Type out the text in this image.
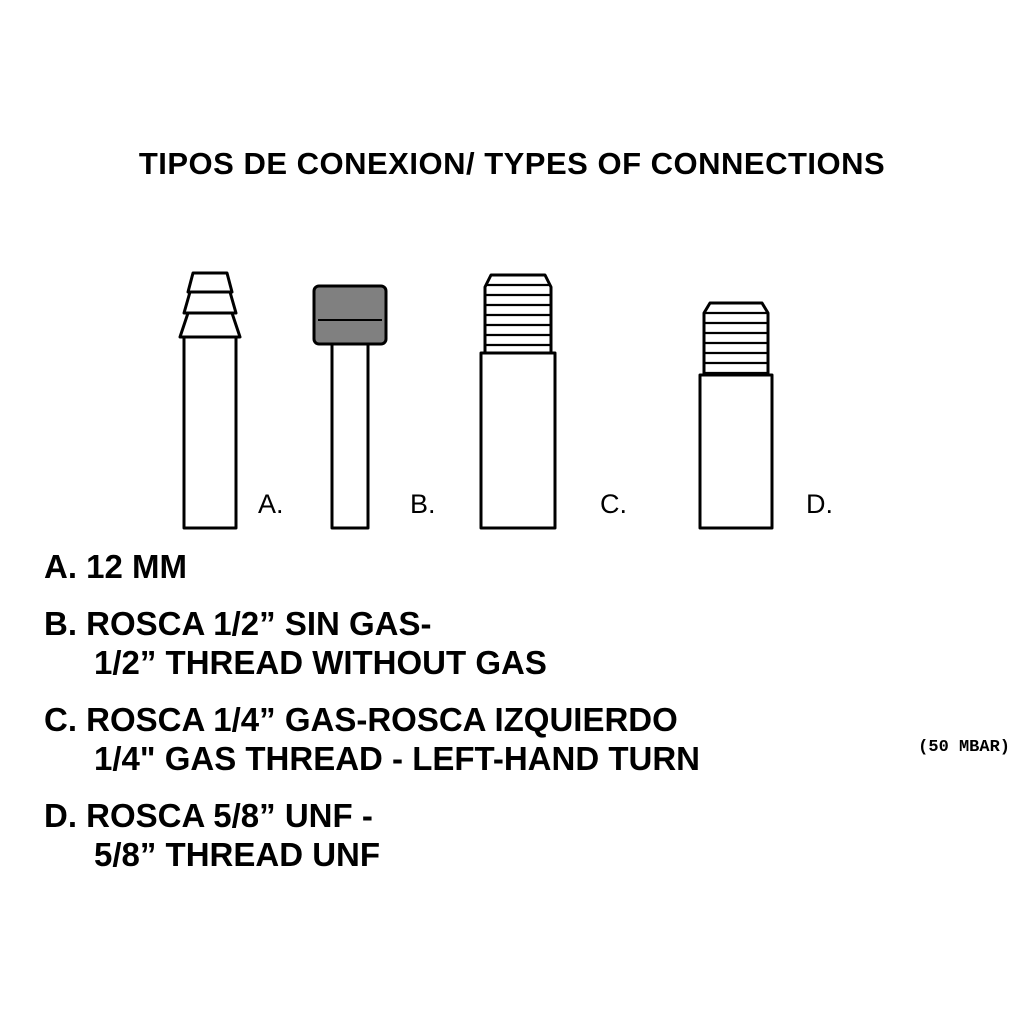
TIPOS DE CONEXION/ TYPES OF CONNECTIONS
A.	B.	C.	D.
A. 12 MM
B. ROSCA 1/2” SIN GAS-
1/2” THREAD WITHOUT GAS
C. ROSCA 1/4” GAS-ROSCA IZQUIERDO
1/4" GAS THREAD - LEFT-HAND TURN
D. ROSCA 5/8” UNF -
5/8” THREAD UNF
(50 MBAR)
